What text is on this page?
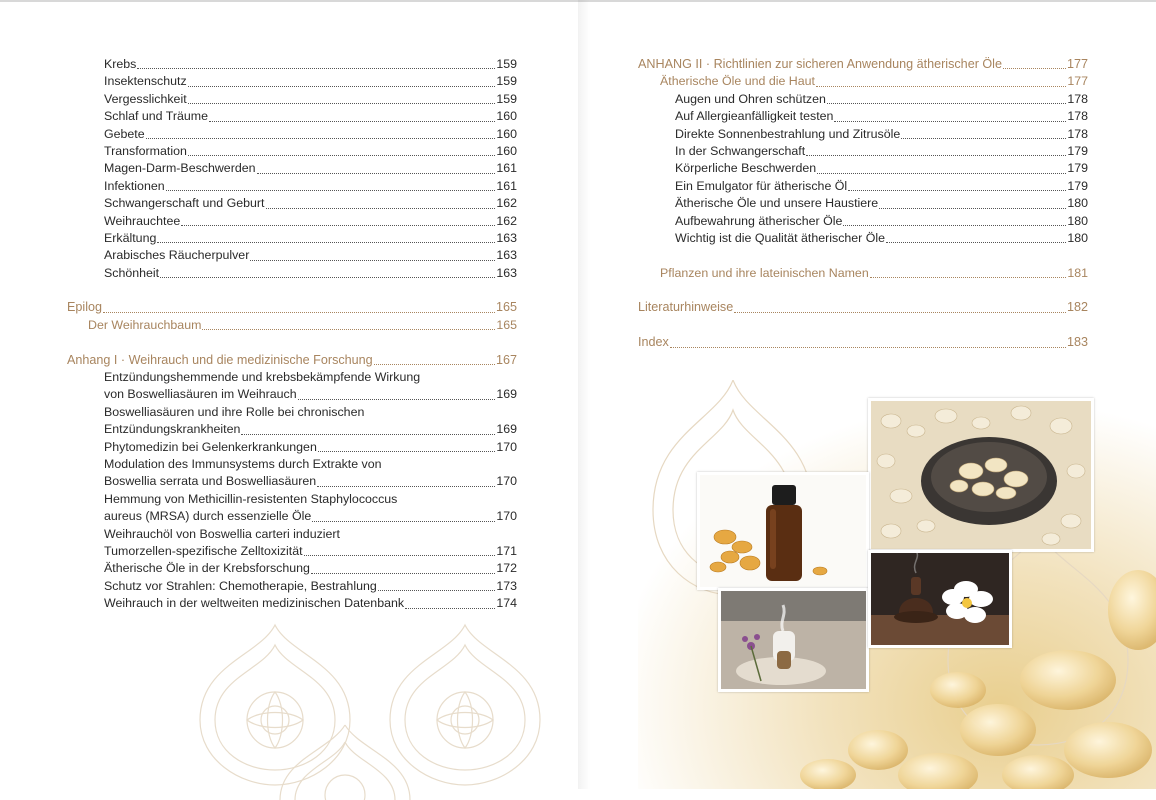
Krebs	159
Insektenschutz	159
Vergesslichkeit	159
Schlaf und Träume	160
Gebete	160
Transformation	160
Magen-Darm-Beschwerden	161
Infektionen	161
Schwangerschaft und Geburt	162
Weihrauchtee	162
Erkältung	163
Arabisches Räucherpulver	163
Schönheit	163
Epilog	165
Der Weihrauchbaum	165
Anhang I · Weihrauch und die medizinische Forschung	167
Entzündungshemmende und krebsbekämpfende Wirkung
von Boswelliasäuren im Weihrauch	169
Boswelliasäuren und ihre Rolle bei chronischen
Entzündungskrankheiten	169
Phytomedizin bei Gelenkerkrankungen	170
Modulation des Immunsystems durch Extrakte von
Boswellia serrata und Boswelliasäuren	170
Hemmung von Methicillin-resistenten Staphylococcus
aureus (MRSA) durch essenzielle Öle	170
Weihrauchöl von Boswellia carteri induziert
Tumorzellen-spezifische Zelltoxizität	171
Ätherische Öle in der Krebsforschung	172
Schutz vor Strahlen: Chemotherapie, Bestrahlung	173
Weihrauch in der weltweiten medizinischen Datenbank	174
ANHANG II · Richtlinien zur sicheren Anwendung ätherischer Öle	177
Ätherische Öle und die Haut	177
Augen und Ohren schützen	178
Auf Allergieanfälligkeit testen	178
Direkte Sonnenbestrahlung und Zitrusöle	178
In der Schwangerschaft	179
Körperliche Beschwerden	179
Ein Emulgator für ätherische Öl	179
Ätherische Öle und unsere Haustiere	180
Aufbewahrung ätherischer Öle	180
Wichtig ist die Qualität ätherischer Öle	180
Pflanzen und ihre lateinischen Namen	181
Literaturhinweise	182
Index	183
